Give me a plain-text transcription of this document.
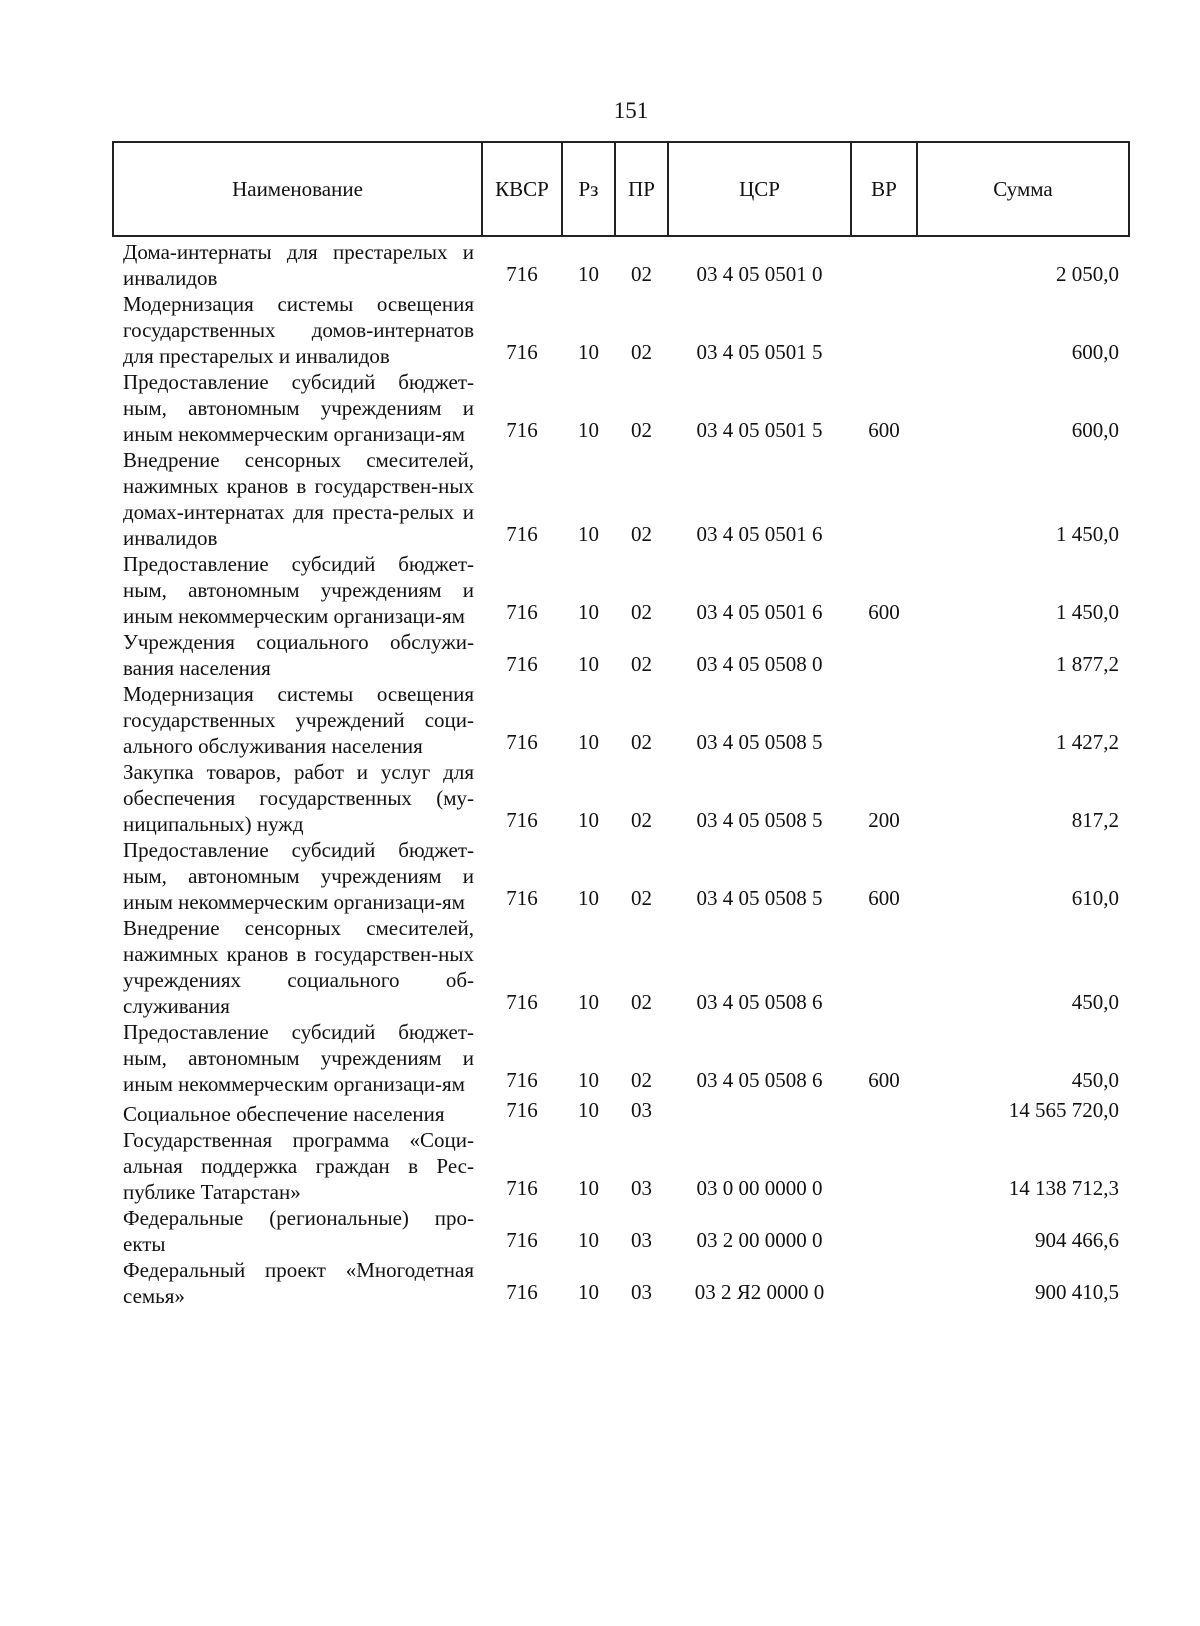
151
Наименование	КВСР	Рз	ПР	ЦСР	ВР	Сумма
Дома-интернаты для престарелых и инвалидов	716	10	02	03 4 05 0501 0		2 050,0
Модернизация системы освещения государственных домов-интернатов для престарелых и инвалидов	716	10	02	03 4 05 0501 5		600,0
Предоставление субсидий бюджет-ным, автономным учреждениям и иным некоммерческим организаци-ям	716	10	02	03 4 05 0501 5	600	600,0
Внедрение сенсорных смесителей, нажимных кранов в государствен-ных домах-интернатах для преста-релых и инвалидов	716	10	02	03 4 05 0501 6		1 450,0
Предоставление субсидий бюджет-ным, автономным учреждениям и иным некоммерческим организаци-ям	716	10	02	03 4 05 0501 6	600	1 450,0
Учреждения социального обслужи-вания населения	716	10	02	03 4 05 0508 0		1 877,2
Модернизация системы освещения государственных учреждений соци-ального обслуживания населения	716	10	02	03 4 05 0508 5		1 427,2
Закупка товаров, работ и услуг для обеспечения государственных (му-ниципальных) нужд	716	10	02	03 4 05 0508 5	200	817,2
Предоставление субсидий бюджет-ным, автономным учреждениям и иным некоммерческим организаци-ям	716	10	02	03 4 05 0508 5	600	610,0
Внедрение сенсорных смесителей, нажимных кранов в государствен-ных учреждениях социального об-служивания	716	10	02	03 4 05 0508 6		450,0
Предоставление субсидий бюджет-ным, автономным учреждениям и иным некоммерческим организаци-ям	716	10	02	03 4 05 0508 6	600	450,0
Социальное обеспечение населения	716	10	03			14 565 720,0
Государственная программа «Соци-альная поддержка граждан в Рес-публике Татарстан»	716	10	03	03 0 00 0000 0		14 138 712,3
Федеральные (региональные) про-екты	716	10	03	03 2 00 0000 0		904 466,6
Федеральный проект «Многодетная семья»	716	10	03	03 2 Я2 0000 0		900 410,5
